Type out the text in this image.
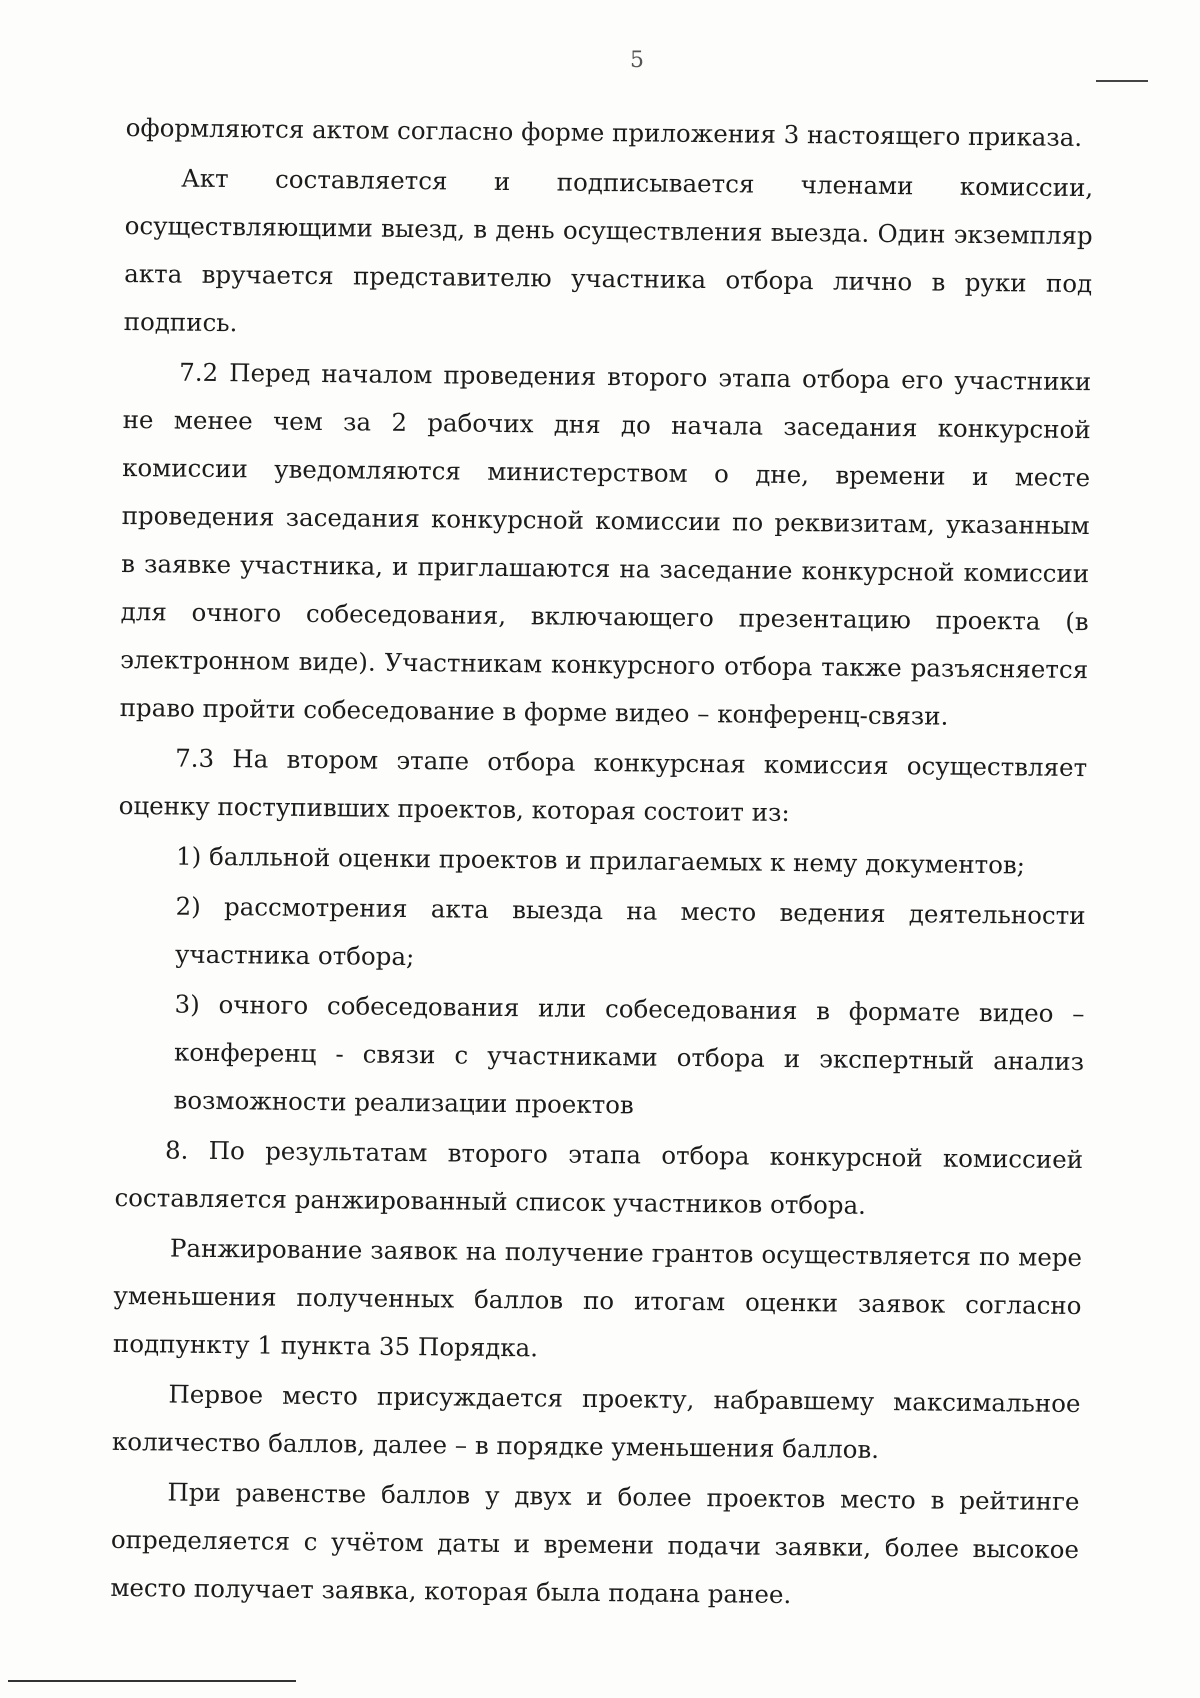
5

оформляются актом согласно форме приложения 3 настоящего приказа.

Акт составляется и подписывается членами комиссии, осуществляющими выезд, в день осуществления выезда. Один экземпляр акта вручается представителю участника отбора лично в руки под подпись.

7.2 Перед началом проведения второго этапа отбора его участники не менее чем за 2 рабочих дня до начала заседания конкурсной комиссии уведомляются министерством о дне, времени и месте проведения заседания конкурсной комиссии по реквизитам, указанным в заявке участника, и приглашаются на заседание конкурсной комиссии для очного собеседования, включающего презентацию проекта (в электронном виде). Участникам конкурсного отбора также разъясняется право пройти собеседование в форме видео – конференц-связи.

7.3 На втором этапе отбора конкурсная комиссия осуществляет оценку поступивших проектов, которая состоит из:

1) балльной оценки проектов и прилагаемых к нему документов;

2) рассмотрения акта выезда на место ведения деятельности участника отбора;

3) очного собеседования или собеседования в формате видео – конференц - связи с участниками отбора и экспертный анализ возможности реализации проектов

8. По результатам второго этапа отбора конкурсной комиссией составляется ранжированный список участников отбора.

Ранжирование заявок на получение грантов осуществляется по мере уменьшения полученных баллов по итогам оценки заявок согласно подпункту 1 пункта 35 Порядка.

Первое место присуждается проекту, набравшему максимальное количество баллов, далее – в порядке уменьшения баллов.

При равенстве баллов у двух и более проектов место в рейтинге определяется с учётом даты и времени подачи заявки, более высокое место получает заявка, которая была подана ранее.
